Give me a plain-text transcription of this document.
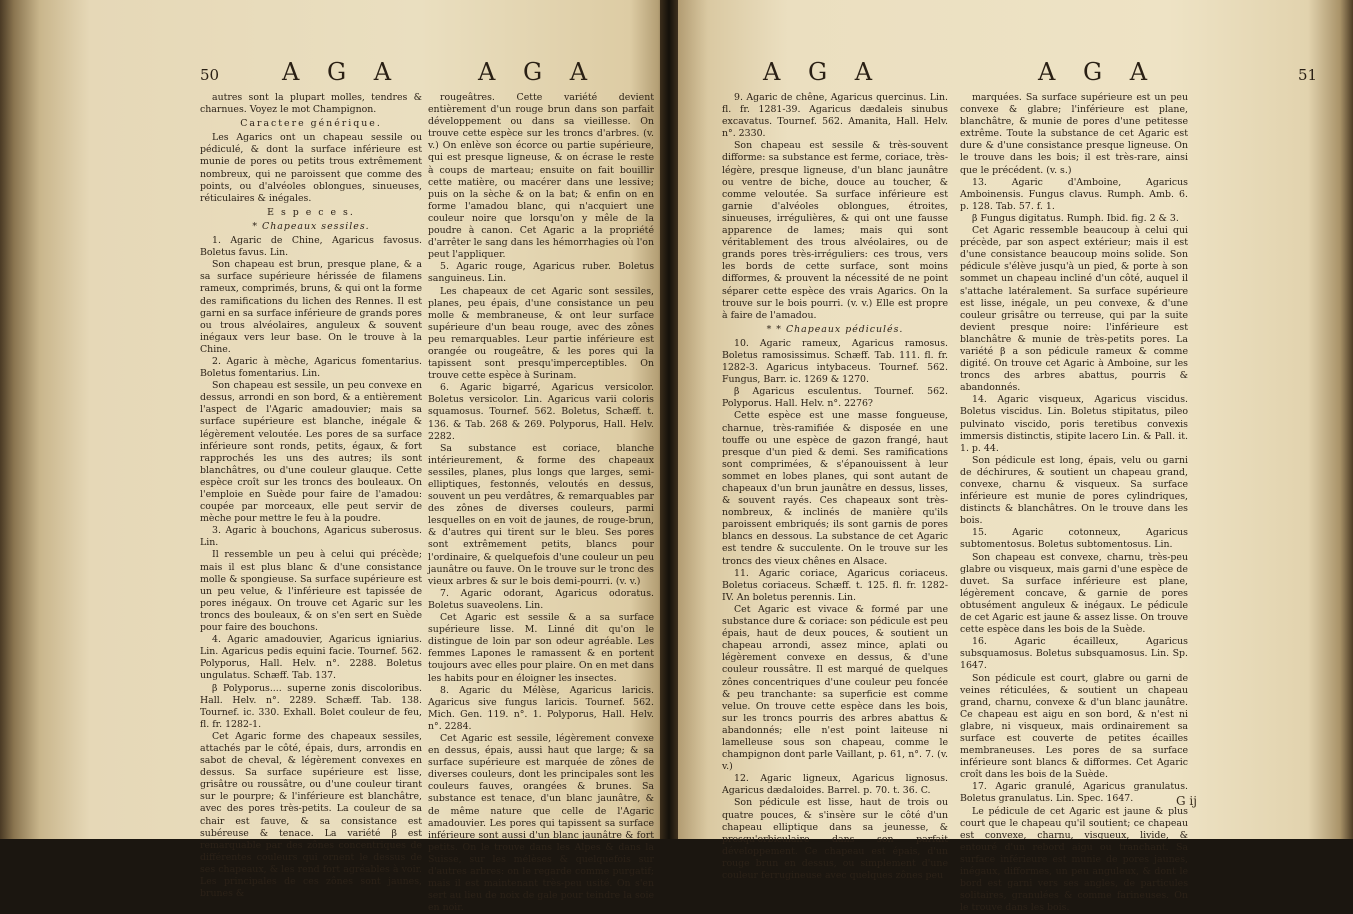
50	A G A	A G A

autres sont la plupart molles, tendres & charnues. Voyez le mot Champignon.

Caractere générique.

Les Agarics ont un chapeau sessile ou pédiculé, & dont la surface inférieure est munie de pores ou petits trous extrêmement nombreux, qui ne paroissent que comme des points, ou d'alvéoles oblongues, sinueuses, réticulaires & inégales.

E s p e c e s.

* Chapeaux sessiles.

1. Agaric de Chine, Agaricus favosus. Boletus favus. Lin.

Son chapeau est brun, presque plane, & a sa surface supérieure hérissée de filamens rameux, comprimés, bruns, & qui ont la forme des ramifications du lichen des Rennes. Il est garni en sa surface inférieure de grands pores ou trous alvéolaires, anguleux & souvent inégaux vers leur base. On le trouve à la Chine.

2. Agaric à mèche, Agaricus fomentarius. Boletus fomentarius. Lin.

Son chapeau est sessile, un peu convexe en dessus, arrondi en son bord, & a entièrement l'aspect de l'Agaric amadouvier; mais sa surface supérieure est blanche, inégale & légèrement veloutée. Les pores de sa surface inférieure sont ronds, petits, égaux, & fort rapprochés les uns des autres; ils sont blanchâtres, ou d'une couleur glauque. Cette espèce croît sur les troncs des bouleaux. On l'emploie en Suède pour faire de l'amadou: coupée par morceaux, elle peut servir de mèche pour mettre le feu à la poudre.

3. Agaric à bouchons, Agaricus suberosus. Lin.

Il ressemble un peu à celui qui précède; mais il est plus blanc & d'une consistance molle & spongieuse. Sa surface supérieure est un peu velue, & l'inférieure est tapissée de pores inégaux. On trouve cet Agaric sur les troncs des bouleaux, & on s'en sert en Suède pour faire des bouchons.

4. Agaric amadouvier, Agaricus igniarius. Lin. Agaricus pedis equini facie. Tournef. 562. Polyporus, Hall. Helv. n°. 2288. Boletus ungulatus. Schæff. Tab. 137.

β Polyporus.... superne zonis discoloribus. Hall. Helv. n°. 2289. Schæff. Tab. 138. Tournef. ic. 330. Exhall. Bolet couleur de feu, fl. fr. 1282-1.

Cet Agaric forme des chapeaux sessiles, attachés par le côté, épais, durs, arrondis en sabot de cheval, & légèrement convexes en dessus. Sa surface supérieure est lisse, grisâtre ou roussâtre, ou d'une couleur tirant sur le pourpre; & l'inférieure est blanchâtre, avec des pores très-petits. La couleur de sa chair est fauve, & sa consistance est subéreuse & tenace. La variété β est remarquable par des zônes concentriques de différentes couleurs qui ornent le dessus de ses chapeaux, & les rend fort agréables à voir. Les principales de ces zônes sont jaunes, brunes &

rougeâtres. Cette variété devient entièrement d'un rouge brun dans son parfait développement ou dans sa vieillesse. On trouve cette espèce sur les troncs d'arbres. (v. v.) On enlève son écorce ou partie supérieure, qui est presque ligneuse, & on écrase le reste à coups de marteau; ensuite on fait bouillir cette matière, ou macérer dans une lessive; puis on la sèche & on la bat; & enfin on en forme l'amadou blanc, qui n'acquiert une couleur noire que lorsqu'on y mêle de la poudre à canon. Cet Agaric a la propriété d'arrêter le sang dans les hémorrhagies où l'on peut l'appliquer.

5. Agaric rouge, Agaricus ruber. Boletus sanguineus. Lin.

Les chapeaux de cet Agaric sont sessiles, planes, peu épais, d'une consistance un peu molle & membraneuse, & ont leur surface supérieure d'un beau rouge, avec des zônes peu remarquables. Leur partie inférieure est orangée ou rougeâtre, & les pores qui la tapissent sont presqu'imperceptibles. On trouve cette espèce à Surinam.

6. Agaric bigarré, Agaricus versicolor. Boletus versicolor. Lin. Agaricus varii coloris squamosus. Tournef. 562. Boletus, Schæff. t. 136. & Tab. 268 & 269. Polyporus, Hall. Helv. 2282.

Sa substance est coriace, blanche intérieurement, & forme des chapeaux sessiles, planes, plus longs que larges, semi-elliptiques, festonnés, veloutés en dessus, souvent un peu verdâtres, & remarquables par des zônes de diverses couleurs, parmi lesquelles on en voit de jaunes, de rouge-brun, & d'autres qui tirent sur le bleu. Ses pores sont extrêmement petits, blancs pour l'ordinaire, & quelquefois d'une couleur un peu jaunâtre ou fauve. On le trouve sur le tronc des vieux arbres & sur le bois demi-pourri. (v. v.)

7. Agaric odorant, Agaricus odoratus. Boletus suaveolens. Lin.

Cet Agaric est sessile & a sa surface supérieure lisse. M. Linné dit qu'on le distingue de loin par son odeur agréable. Les femmes Lapones le ramassent & en portent toujours avec elles pour plaire. On en met dans les habits pour en éloigner les insectes.

8. Agaric du Mélèse, Agaricus laricis. Agaricus sive fungus laricis. Tournef. 562. Mich. Gen. 119. n°. 1. Polyporus, Hall. Helv. n°. 2284.

Cet Agaric est sessile, légèrement convexe en dessus, épais, aussi haut que large; & sa surface supérieure est marquée de zônes de diverses couleurs, dont les principales sont les couleurs fauves, orangées & brunes. Sa substance est tenace, d'un blanc jaunâtre, & de même nature que celle de l'Agaric amadouvier. Les pores qui tapissent sa surface inférieure sont aussi d'un blanc jaunâtre & fort petits. On le trouve dans les Alpes & dans la Suisse, sur les mélèses & quelquefois sur d'autres arbres: on le regarde comme purgatif; mais il est maintenant très-peu usité. On s'en sert au lieu de noix de gale pour teindre la soie en noir.

A G A	A G A	51

9. Agaric de chêne, Agaricus quercinus. Lin. fl. fr. 1281-39. Agaricus dædaleis sinubus excavatus. Tournef. 562. Amanita, Hall. Helv. n°. 2330.

Son chapeau est sessile & très-souvent difforme: sa substance est ferme, coriace, très-légère, presque ligneuse, d'un blanc jaunâtre ou ventre de biche, douce au toucher, & comme veloutée. Sa surface inférieure est garnie d'alvéoles oblongues, étroites, sinueuses, irrégulières, & qui ont une fausse apparence de lames; mais qui sont véritablement des trous alvéolaires, ou de grands pores très-irréguliers: ces trous, vers les bords de cette surface, sont moins difformes, & prouvent la nécessité de ne point séparer cette espèce des vrais Agarics. On la trouve sur le bois pourri. (v. v.) Elle est propre à faire de l'amadou.

* * Chapeaux pédiculés.

10. Agaric rameux, Agaricus ramosus. Boletus ramosissimus. Schæff. Tab. 111. fl. fr. 1282-3. Agaricus intybaceus. Tournef. 562. Fungus, Barr. ic. 1269 & 1270.

β Agaricus esculentus. Tournef. 562. Polyporus. Hall. Helv. n°. 2276?

Cette espèce est une masse fongueuse, charnue, très-ramifiée & disposée en une touffe ou une espèce de gazon frangé, haut presque d'un pied & demi. Ses ramifications sont comprimées, & s'épanouissent à leur sommet en lobes planes, qui sont autant de chapeaux d'un brun jaunâtre en dessus, lisses, & souvent rayés. Ces chapeaux sont très-nombreux, & inclinés de manière qu'ils paroissent embriqués; ils sont garnis de pores blancs en dessous. La substance de cet Agaric est tendre & succulente. On le trouve sur les troncs des vieux chênes en Alsace.

11. Agaric coriace, Agaricus coriaceus. Boletus coriaceus. Schæff. t. 125. fl. fr. 1282-IV. An boletus perennis. Lin.

Cet Agaric est vivace & formé par une substance dure & coriace: son pédicule est peu épais, haut de deux pouces, & soutient un chapeau arrondi, assez mince, aplati ou légèrement convexe en dessus, & d'une couleur roussâtre. Il est marqué de quelques zônes concentriques d'une couleur peu foncée & peu tranchante: sa superficie est comme velue. On trouve cette espèce dans les bois, sur les troncs pourris des arbres abattus & abandonnés; elle n'est point laiteuse ni lamelleuse sous son chapeau, comme le champignon dont parle Vaillant, p. 61, n°. 7. (v. v.)

12. Agaric ligneux, Agaricus lignosus. Agaricus dædaloides. Barrel. p. 70. t. 36. C.

Son pédicule est lisse, haut de trois ou quatre pouces, & s'insère sur le côté d'un chapeau elliptique dans sa jeunesse, & presqu'orbiculaire dans son parfait développement. Ce chapeau est épais, d'un rouge brun en dessus, ou simplement d'une couleur ferrugineuse avec quelques zônes peu

marquées. Sa surface supérieure est un peu convexe & glabre; l'inférieure est plane, blanchâtre, & munie de pores d'une petitesse extrême. Toute la substance de cet Agaric est dure & d'une consistance presque ligneuse. On le trouve dans les bois; il est très-rare, ainsi que le précédent. (v. s.)

13. Agaric d'Amboine, Agaricus Amboinensis. Fungus clavus. Rumph. Amb. 6. p. 128. Tab. 57. f. 1.

β Fungus digitatus. Rumph. Ibid. fig. 2 & 3.

Cet Agaric ressemble beaucoup à celui qui précède, par son aspect extérieur; mais il est d'une consistance beaucoup moins solide. Son pédicule s'élève jusqu'à un pied, & porte à son sommet un chapeau incliné d'un côté, auquel il s'attache latéralement. Sa surface supérieure est lisse, inégale, un peu convexe, & d'une couleur grisâtre ou terreuse, qui par la suite devient presque noire: l'inférieure est blanchâtre & munie de très-petits pores. La variété β a son pédicule rameux & comme digité. On trouve cet Agaric à Amboine, sur les troncs des arbres abattus, pourris & abandonnés.

14. Agaric visqueux, Agaricus viscidus. Boletus viscidus. Lin. Boletus stipitatus, pileo pulvinato viscido, poris teretibus convexis immersis distinctis, stipite lacero Lin. & Pall. it. 1. p. 44.

Son pédicule est long, épais, velu ou garni de déchirures, & soutient un chapeau grand, convexe, charnu & visqueux. Sa surface inférieure est munie de pores cylindriques, distincts & blanchâtres. On le trouve dans les bois.

15. Agaric cotonneux, Agaricus subtomentosus. Boletus subtomentosus. Lin.

Son chapeau est convexe, charnu, très-peu glabre ou visqueux, mais garni d'une espèce de duvet. Sa surface inférieure est plane, légèrement concave, & garnie de pores obtusément anguleux & inégaux. Le pédicule de cet Agaric est jaune & assez lisse. On trouve cette espèce dans les bois de la Suède.

16. Agaric écailleux, Agaricus subsquamosus. Boletus subsquamosus. Lin. Sp. 1647.

Son pédicule est court, glabre ou garni de veines réticulées, & soutient un chapeau grand, charnu, convexe & d'un blanc jaunâtre. Ce chapeau est aigu en son bord, & n'est ni glabre, ni visqueux, mais ordinairement sa surface est couverte de petites écailles membraneuses. Les pores de sa surface inférieure sont blancs & difformes. Cet Agaric croît dans les bois de la Suède.

17. Agaric granulé, Agaricus granulatus. Boletus granulatus. Lin. Spec. 1647.

Le pédicule de cet Agaric est jaune & plus court que le chapeau qu'il soutient; ce chapeau est convexe, charnu, visqueux, livide, & entouré d'un rebord aigu ou tranchant. Sa surface inférieure est munie de pores jaunes, inégaux, difformes, un peu anguleux, & dont le bord est garni vers ses angles, de particules solitaires, granulées & comme farineuses. On le trouve dans les bois.

G ij
